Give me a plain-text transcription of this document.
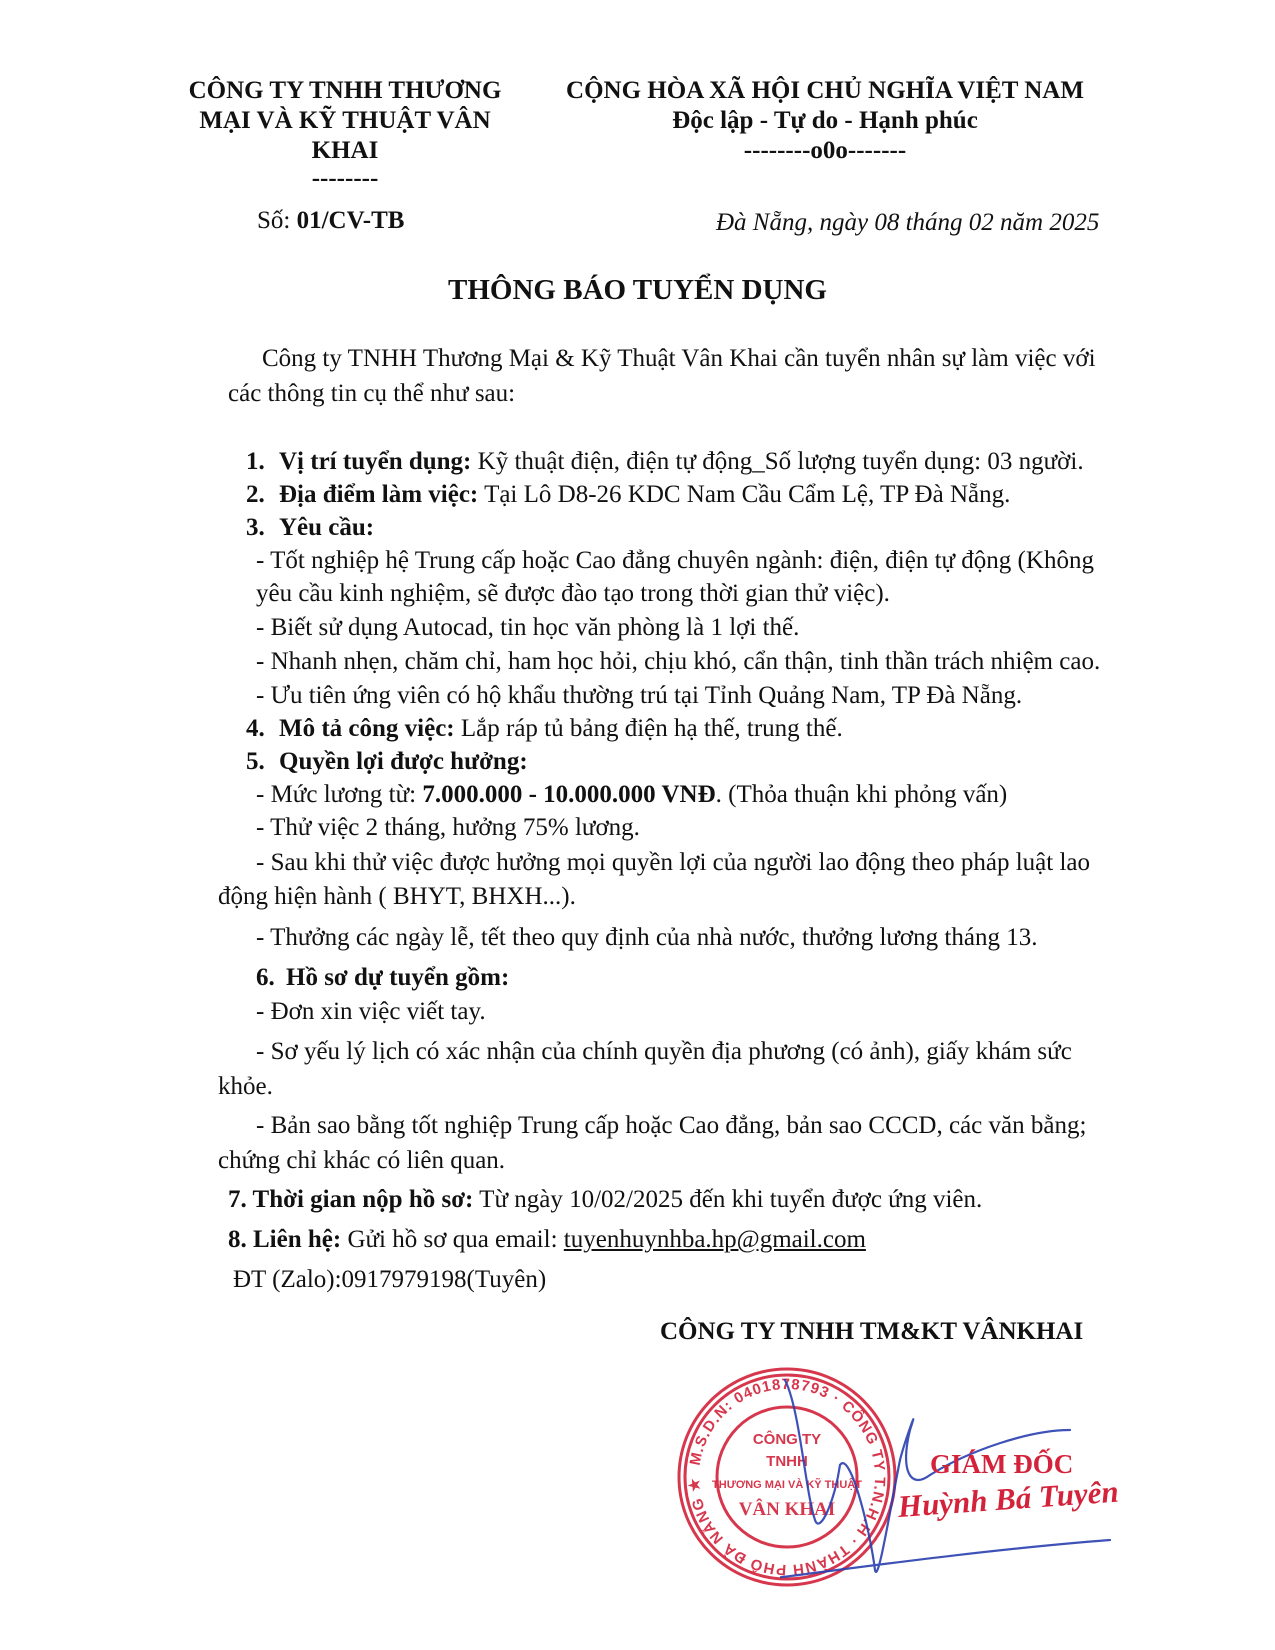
CÔNG TY TNHH THƯƠNG
MẠI VÀ KỸ THUẬT VÂN
KHAI
--------
CỘNG HÒA XÃ HỘI CHỦ NGHĨA VIỆT NAM
Độc lập - Tự do - Hạnh phúc
--------o0o-------
Số: 01/CV-TB	Đà Nẵng, ngày 08 tháng 02 năm 2025
THÔNG BÁO TUYỂN DỤNG
Công ty TNHH Thương Mại & Kỹ Thuật Vân Khai cần tuyển nhân sự làm việc với
các thông tin cụ thể như sau:
1. Vị trí tuyển dụng: Kỹ thuật điện, điện tự động_Số lượng tuyển dụng: 03 người.
2. Địa điểm làm việc: Tại Lô D8-26 KDC Nam Cầu Cẩm Lệ, TP Đà Nẵng.
3. Yêu cầu:
- Tốt nghiệp hệ Trung cấp hoặc Cao đẳng chuyên ngành: điện, điện tự động (Không
yêu cầu kinh nghiệm, sẽ được đào tạo trong thời gian thử việc).
- Biết sử dụng Autocad, tin học văn phòng là 1 lợi thế.
- Nhanh nhẹn, chăm chỉ, ham học hỏi, chịu khó, cẩn thận, tinh thần trách nhiệm cao.
- Ưu tiên ứng viên có hộ khẩu thường trú tại Tỉnh Quảng Nam, TP Đà Nẵng.
4. Mô tả công việc: Lắp ráp tủ bảng điện hạ thế, trung thế.
5. Quyền lợi được hưởng:
- Mức lương từ: 7.000.000 - 10.000.000 VNĐ. (Thỏa thuận khi phỏng vấn)
- Thử việc 2 tháng, hưởng 75% lương.
- Sau khi thử việc được hưởng mọi quyền lợi của người lao động theo pháp luật lao
động hiện hành ( BHYT, BHXH...).
- Thưởng các ngày lễ, tết theo quy định của nhà nước, thưởng lương tháng 13.
6. Hồ sơ dự tuyển gồm:
- Đơn xin việc viết tay.
- Sơ yếu lý lịch có xác nhận của chính quyền địa phương (có ảnh), giấy khám sức
khỏe.
- Bản sao bằng tốt nghiệp Trung cấp hoặc Cao đẳng, bản sao CCCD, các văn bằng;
chứng chỉ khác có liên quan.
7. Thời gian nộp hồ sơ: Từ ngày 10/02/2025 đến khi tuyển được ứng viên.
8. Liên hệ: Gửi hồ sơ qua email: tuyenhuynhba.hp@gmail.com
ĐT (Zalo):0917979198(Tuyên)
CÔNG TY TNHH TM&KT VÂNKHAI
M.S.D.N: 0401878793 · CÔNG TY T.N.H.H · THÀNH PHỐ ĐÀ NẴNG ★
CÔNG TY
TNHH
THƯƠNG MẠI VÀ KỸ THUẬT
VÂN KHAI
GIÁM ĐỐC
Huỳnh Bá Tuyên
